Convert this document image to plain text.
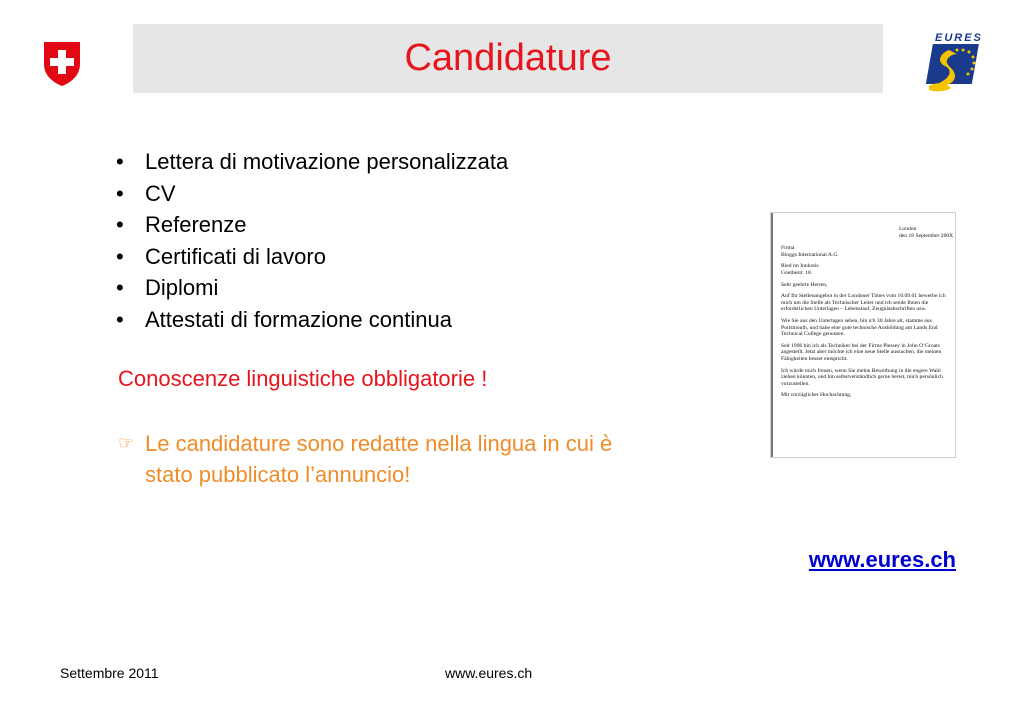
Candidature	EURES
• Lettera di motivazione personalizzata
• CV
• Referenze
• Certificati di lavoro
• Diplomi
• Attestati di formazione continua
Conoscenze linguistiche obbligatorie !
☞ Le candidature sono redatte nella lingua in cui è
stato pubblicato l’annuncio!
London
den 18 September 200X
Firma

Bloggs International A.G.

Ried im Innkreis

Goethestr. 18.

Sehr geehrte Herren,

Auf Ihr Stellenangebot in der Londoner Times vom 10.09.01 bewerbe ich mich um die Stelle als Technischer Leiter und ich sende Ihnen die erforderlichen Unterlagen – Lebenslauf, Zeugnisabschriften usw.

Wie Sie aus den Unterlagen sehen, bin ich 30 Jahre alt, stamme aus Portsmouth, und habe eine gute technische Ausbildung am Lands End Technical College genossen.

Seit 1996 bin ich als Techniker bei der Firma Plessey in John O’Groats angestellt. Jetzt aber möchte ich eine neue Stelle aussuchen, die meinen Fähigkeiten besser entspricht.

Ich würde mich freuen, wenn Sie meine Bewerbung in die engere Wahl ziehen könnten, und bin selbstverständlich gerne bereit, mich persönlich vorzustellen.

Mit vorzüglicher Hochachtung,

www.eures.ch
Settembre 2011	www.eures.ch
